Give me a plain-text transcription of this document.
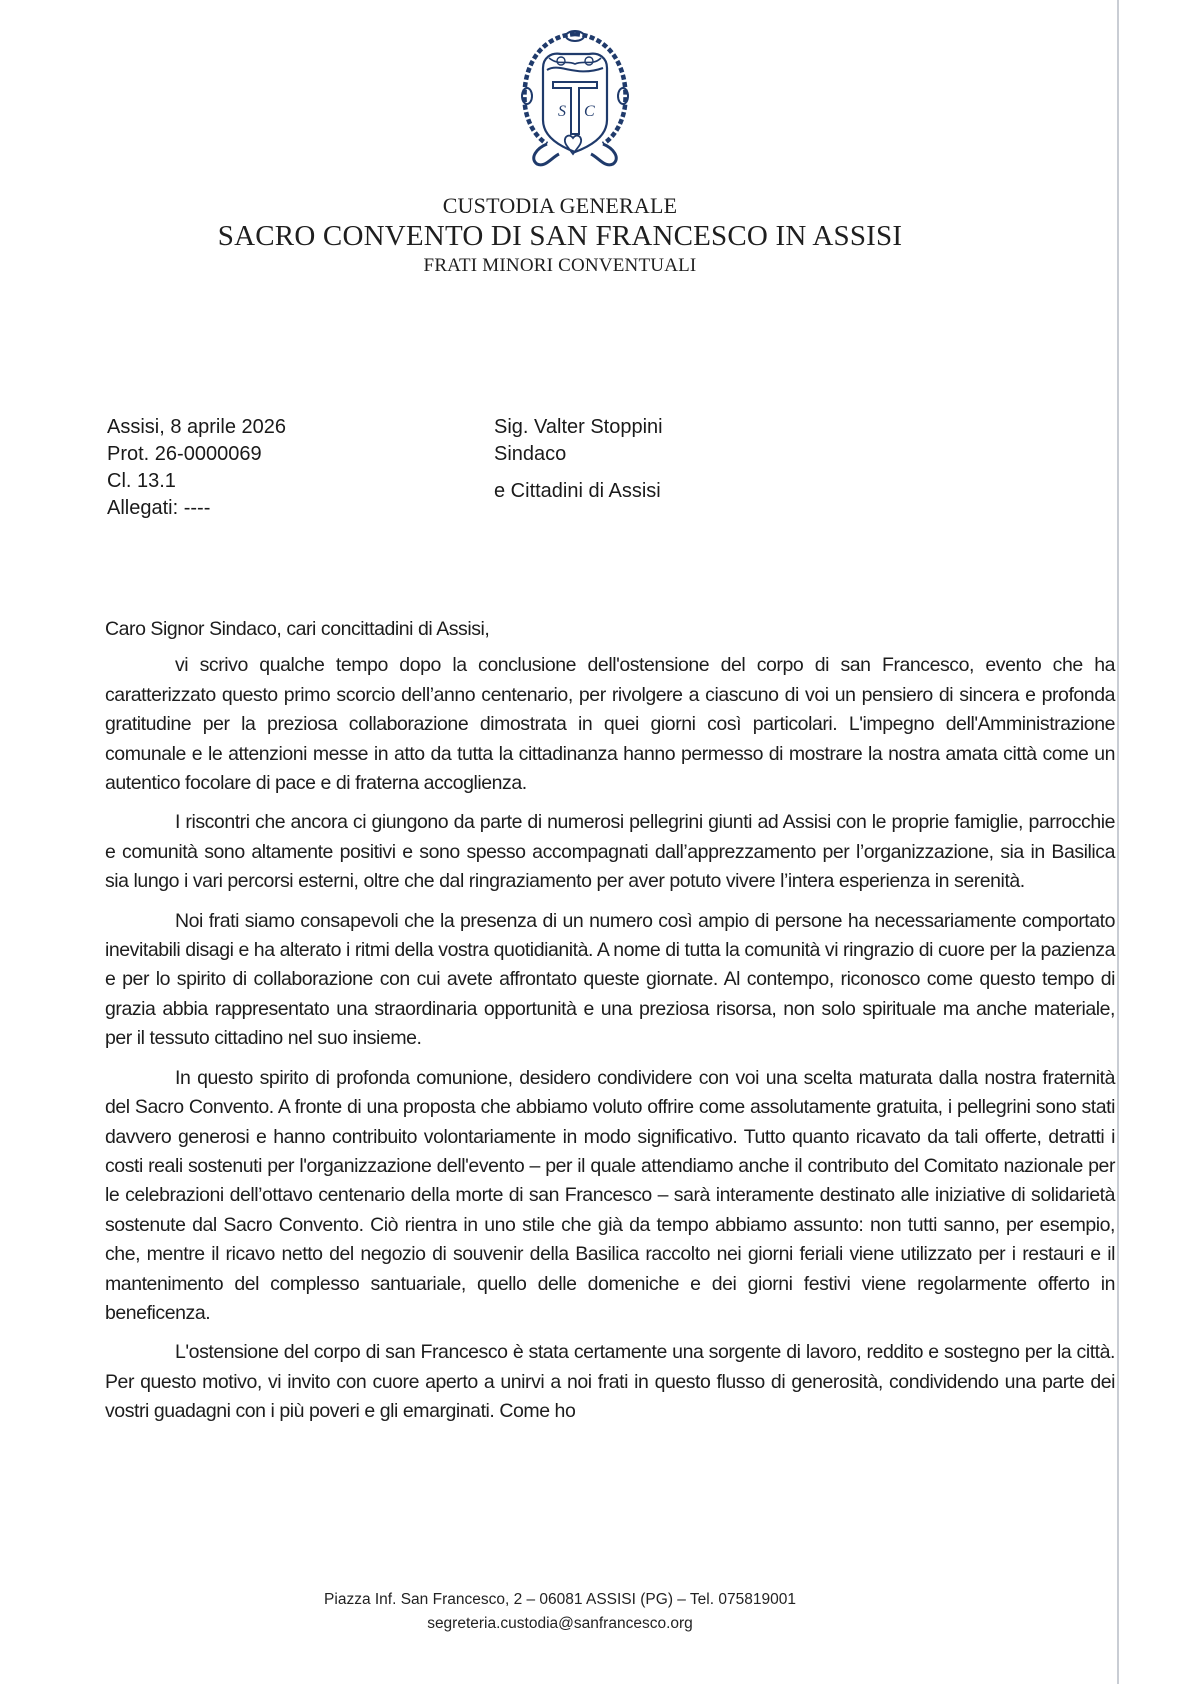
S C
CUSTODIA GENERALE
SACRO CONVENTO DI SAN FRANCESCO IN ASSISI
FRATI MINORI CONVENTUALI
Assisi, 8 aprile 2026
Prot. 26-0000069
Cl. 13.1
Allegati: ----
Sig. Valter Stoppini
Sindaco
e Cittadini di Assisi

Caro Signor Sindaco, cari concittadini di Assisi,

vi scrivo qualche tempo dopo la conclusione dell'ostensione del corpo di san Francesco, evento che ha caratterizzato questo primo scorcio dell’anno centenario, per rivolgere a ciascuno di voi un pensiero di sincera e profonda gratitudine per la preziosa collaborazione dimostrata in quei giorni così particolari. L'impegno dell'Amministrazione comunale e le attenzioni messe in atto da tutta la cittadinanza hanno permesso di mostrare la nostra amata città come un autentico focolare di pace e di fraterna accoglienza.

I riscontri che ancora ci giungono da parte di numerosi pellegrini giunti ad Assisi con le proprie famiglie, parrocchie e comunità sono altamente positivi e sono spesso accompagnati dall’apprezzamento per l’organizzazione, sia in Basilica sia lungo i vari percorsi esterni, oltre che dal ringraziamento per aver potuto vivere l’intera esperienza in serenità.

Noi frati siamo consapevoli che la presenza di un numero così ampio di persone ha necessariamente comportato inevitabili disagi e ha alterato i ritmi della vostra quotidianità. A nome di tutta la comunità vi ringrazio di cuore per la pazienza e per lo spirito di collaborazione con cui avete affrontato queste giornate. Al contempo, riconosco come questo tempo di grazia abbia rappresentato una straordinaria opportunità e una preziosa risorsa, non solo spirituale ma anche materiale, per il tessuto cittadino nel suo insieme.

In questo spirito di profonda comunione, desidero condividere con voi una scelta maturata dalla nostra fraternità del Sacro Convento. A fronte di una proposta che abbiamo voluto offrire come assolutamente gratuita, i pellegrini sono stati davvero generosi e hanno contribuito volontariamente in modo significativo. Tutto quanto ricavato da tali offerte, detratti i costi reali sostenuti per l'organizzazione dell'evento – per il quale attendiamo anche il contributo del Comitato nazionale per le celebrazioni dell’ottavo centenario della morte di san Francesco – sarà interamente destinato alle iniziative di solidarietà sostenute dal Sacro Convento. Ciò rientra in uno stile che già da tempo abbiamo assunto: non tutti sanno, per esempio, che, mentre il ricavo netto del negozio di souvenir della Basilica raccolto nei giorni feriali viene utilizzato per i restauri e il mantenimento del complesso santuariale, quello delle domeniche e dei giorni festivi viene regolarmente offerto in beneficenza.

L'ostensione del corpo di san Francesco è stata certamente una sorgente di lavoro, reddito e sostegno per la città. Per questo motivo, vi invito con cuore aperto a unirvi a noi frati in questo flusso di generosità, condividendo una parte dei vostri guadagni con i più poveri e gli emarginati. Come ho

Piazza Inf. San Francesco, 2 – 06081 ASSISI (PG) – Tel. 075819001
segreteria.custodia@sanfrancesco.org
